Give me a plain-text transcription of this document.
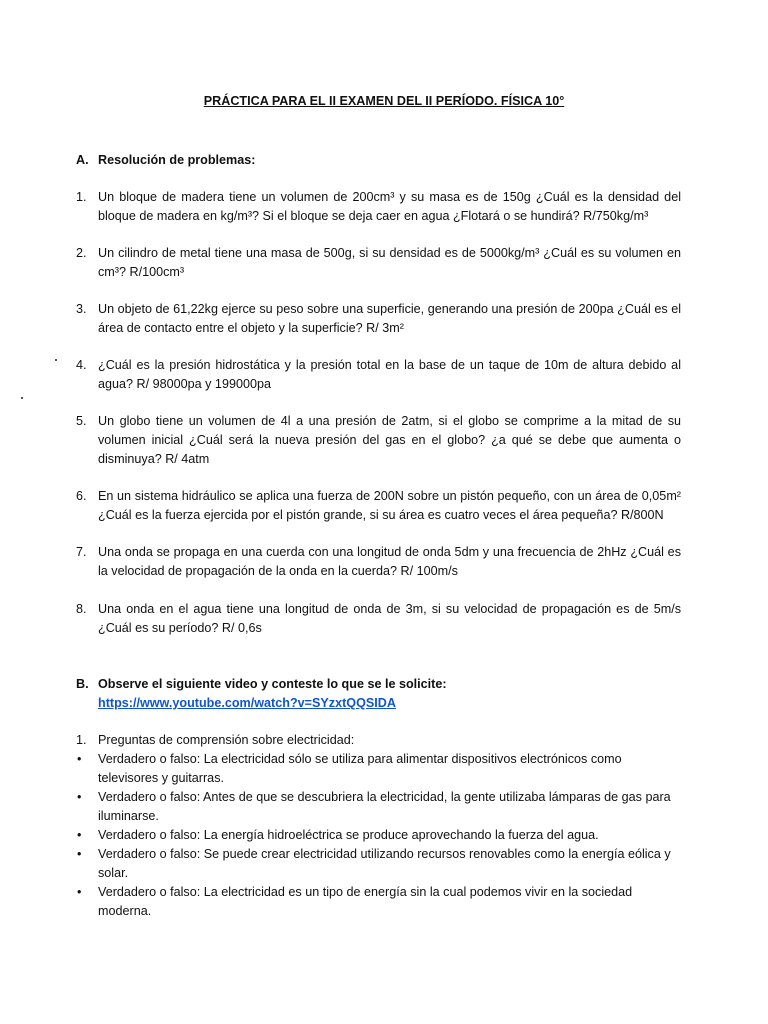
PRÁCTICA PARA EL II EXAMEN DEL II PERÍODO. FÍSICA 10°
A. Resolución de problemas:
1. Un bloque de madera tiene un volumen de 200cm³ y su masa es de 150g ¿Cuál es la densidad del bloque de madera en kg/m³? Si el bloque se deja caer en agua ¿Flotará o se hundirá? R/750kg/m³
2. Un cilindro de metal tiene una masa de 500g, si su densidad es de 5000kg/m³ ¿Cuál es su volumen en cm³? R/100cm³
3. Un objeto de 61,22kg ejerce su peso sobre una superficie, generando una presión de 200pa ¿Cuál es el área de contacto entre el objeto y la superficie? R/ 3m²
4. ¿Cuál es la presión hidrostática y la presión total en la base de un taque de 10m de altura debido al agua? R/ 98000pa y 199000pa
5. Un globo tiene un volumen de 4l a una presión de 2atm, si el globo se comprime a la mitad de su volumen inicial ¿Cuál será la nueva presión del gas en el globo? ¿a qué se debe que aumenta o disminuya? R/ 4atm
6. En un sistema hidráulico se aplica una fuerza de 200N sobre un pistón pequeño, con un área de 0,05m² ¿Cuál es la fuerza ejercida por el pistón grande, si su área es cuatro veces el área pequeña? R/800N
7. Una onda se propaga en una cuerda con una longitud de onda 5dm y una frecuencia de 2hHz ¿Cuál es la velocidad de propagación de la onda en la cuerda? R/ 100m/s
8. Una onda en el agua tiene una longitud de onda de 3m, si su velocidad de propagación es de 5m/s ¿Cuál es su período? R/ 0,6s
B. Observe el siguiente video y conteste lo que se le solicite:
https://www.youtube.com/watch?v=SYzxtQQSIDA
1. Preguntas de comprensión sobre electricidad:
• Verdadero o falso: La electricidad sólo se utiliza para alimentar dispositivos electrónicos como televisores y guitarras.
• Verdadero o falso: Antes de que se descubriera la electricidad, la gente utilizaba lámparas de gas para iluminarse.
• Verdadero o falso: La energía hidroeléctrica se produce aprovechando la fuerza del agua.
• Verdadero o falso: Se puede crear electricidad utilizando recursos renovables como la energía eólica y solar.
• Verdadero o falso: La electricidad es un tipo de energía sin la cual podemos vivir en la sociedad moderna.
